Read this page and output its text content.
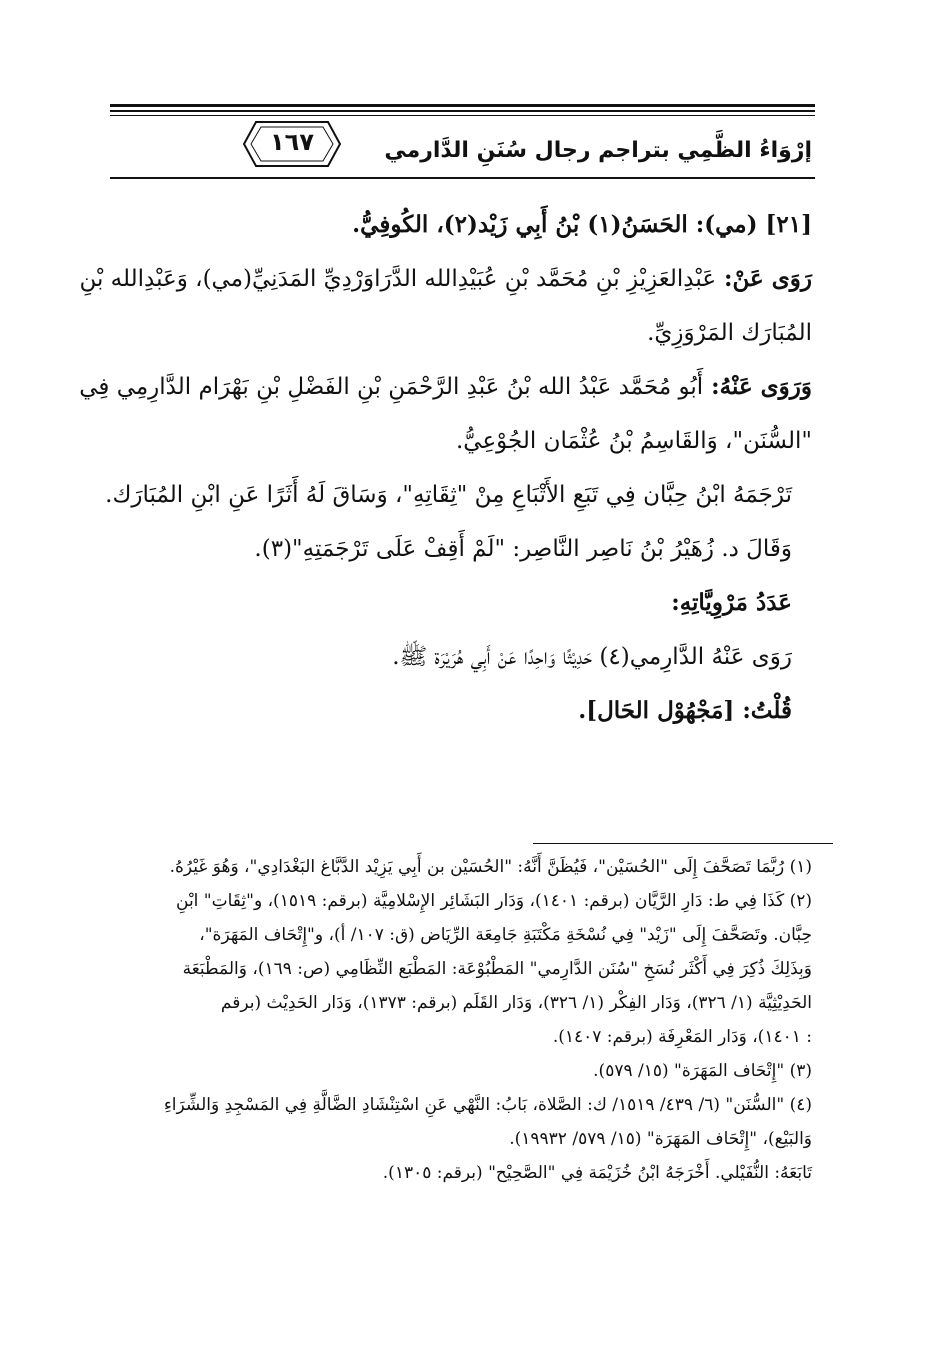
إرْوَاءُ الظَّمِي بتراجم رجال سُنَنِ الدَّارمي
١٦٧
[٢١] (مي): الحَسَنُ(١) بْنُ أَبِي زَيْد(٢)، الكُوفِيُّ.
رَوَى عَنْ: عَبْدِالعَزِيْزِ بْنِ مُحَمَّد بْنِ عُبَيْدِالله الدَّرَاوَرْدِيِّ المَدَنِيِّ(مي)، وَعَبْدِالله بْنِ
المُبَارَك المَرْوَزِيِّ.
وَرَوَى عَنْهُ: أَبُو مُحَمَّد عَبْدُ الله بْنُ عَبْدِ الرَّحْمَنِ بْنِ الفَضْلِ بْنِ بَهْرَام الدَّارِمِي فِي
"السُّنَن"، وَالقَاسِمُ بْنُ عُثْمَان الجُوْعِيُّ.
تَرْجَمَهُ ابْنُ حِبَّان فِي تَبَعِ الأَتْبَاعِ مِنْ "ثِقَاتِهِ"، وَسَاقَ لَهُ أَثَرًا عَنِ ابْنِ المُبَارَك.
وَقَالَ د. زُهَيْرُ بْنُ نَاصِر النَّاصِر: "لَمْ أَقِفْ عَلَى تَرْجَمَتِهِ"(٣).
عَدَدُ مَرْوِيَّاتِهِ:
رَوَى عَنْهُ الدَّارِمي(٤) حَدِيْثًا وَاحِدًا عَنْ أَبِي هُرَيْرَة ﷺ.
قُلْتُ: [مَجْهُوْل الحَال].
(١) رُبَّمَا تَصَحَّفَ إِلَى "الحُسَيْن"، فَيُظَنَّ أَنَّهُ: "الحُسَيْن بن أَبِي يَزِيْد الدَّبَّاغ البَغْدَادِي"، وَهُوَ غَيْرُهُ.
(٢) كَذَا فِي ط: دَارِ الرَّيَّان (برقم: ١٤٠١)، وَدَار البَشَائِر الإِسْلامِيَّة (برقم: ١٥١٩)، و"ثِقَاتِ" ابْنِ
حِبَّان. وتَصَحَّفَ إِلَى "زَيْد" فِي نُسْخَةِ مَكْتَبَةِ جَامِعَة الرِّيَاض (ق: ١٠٧/ أ)، و"إِتْحَاف المَهَرَة"،
وَبِذَلِكَ ذُكِرَ فِي أَكْثَر نُسَخِ "سُنَن الدَّارِمي" المَطْبُوْعَة: المَطْبَع النِّظَامِي (ص: ١٦٩)، وَالمَطْبَعَة
الحَدِيْثِيَّة (١/ ٣٢٦)، وَدَار الفِكْر (١/ ٣٢٦)، وَدَار القَلَم (برقم: ١٣٧٣)، وَدَار الحَدِيْث (برقم
: ١٤٠١)، وَدَار المَعْرِفَة (برقم: ١٤٠٧).
(٣) "إِتْحَاف المَهَرَة" (١٥/ ٥٧٩).
(٤) "السُّنَن" (٦/ ٤٣٩/ ١٥١٩/ ك: الصَّلاة، بَابُ: النَّهْي عَنِ اسْتِنْشَادِ الضَّالَّةِ فِي المَسْجِدِ وَالشِّرَاءِ
وَالبَيْع)، "إِتْحَاف المَهَرَة" (١٥/ ٥٧٩/ ١٩٩٣٢).
تَابَعَهُ: النُّفَيْلي. أَخْرَجَهُ ابْنُ خُزَيْمَة فِي "الصَّحِيْح" (برقم: ١٣٠٥).
